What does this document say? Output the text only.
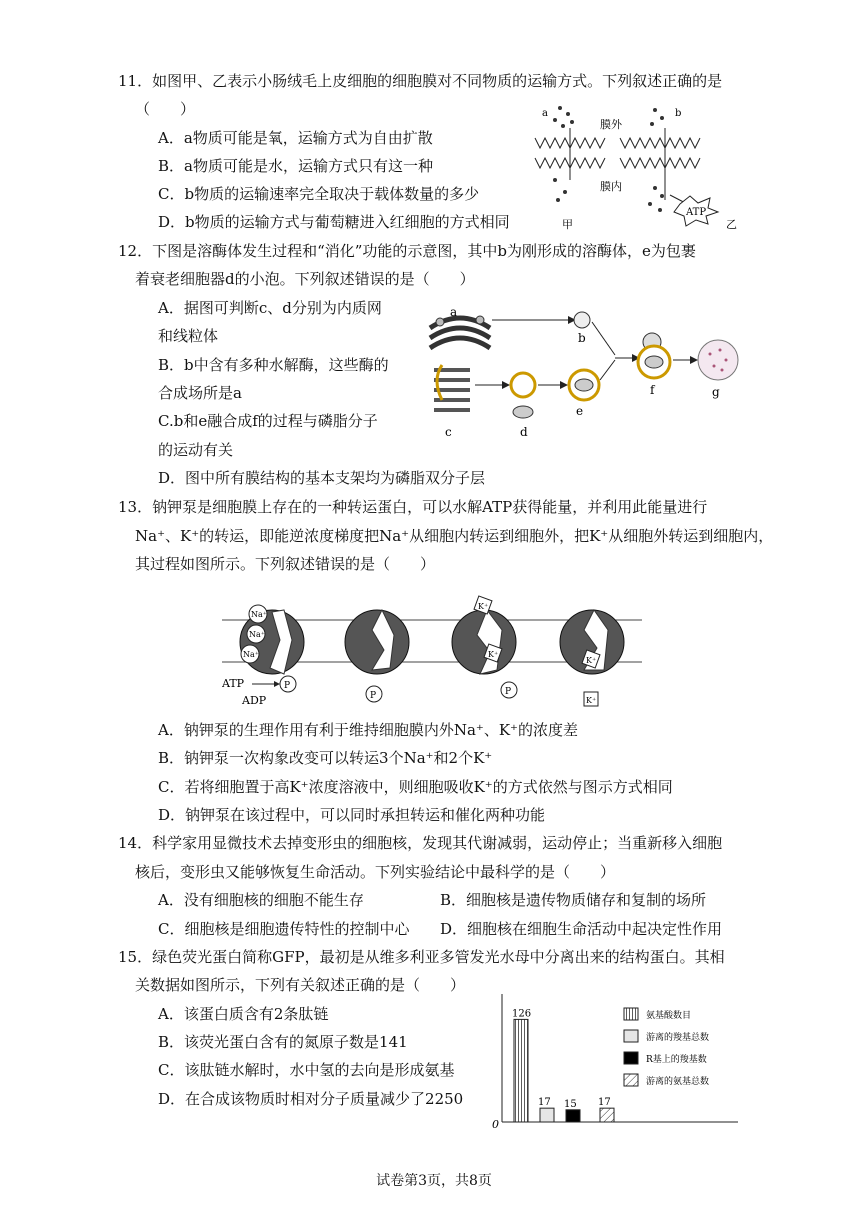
11．如图甲、乙表示小肠绒毛上皮细胞的细胞膜对不同物质的运输方式。下列叙述正确的是
（　　）
A．a物质可能是氧，运输方式为自由扩散
B．a物质可能是水，运输方式只有这一种
C．b物质的运输速率完全取决于载体数量的多少
D．b物质的运输方式与葡萄糖进入红细胞的方式相同
a	b
膜外
膜内
ATP
甲	乙
12．下图是溶酶体发生过程和“消化”功能的示意图，其中b为刚形成的溶酶体，e为包裹
着衰老细胞器d的小泡。下列叙述错误的是（　　）
A．据图可判断c、d分别为内质网
和线粒体
B．b中含有多种水解酶，这些酶的
合成场所是a
C.b和e融合成f的过程与磷脂分子
的运动有关
D．图中所有膜结构的基本支架均为磷脂双分子层
a
b
c	d
e
f	g
13．钠钾泵是细胞膜上存在的一种转运蛋白，可以水解ATP获得能量，并利用此能量进行
Na⁺、K⁺的转运，即能逆浓度梯度把Na⁺从细胞内转运到细胞外，把K⁺从细胞外转运到细胞内，
其过程如图所示。下列叙述错误的是（　　）
Na⁺
Na⁺
Na⁺
K⁺
K⁺
K⁺
K⁺
ATP
ADP
P
P	P
A．钠钾泵的生理作用有利于维持细胞膜内外Na⁺、K⁺的浓度差
B．钠钾泵一次构象改变可以转运3个Na⁺和2个K⁺
C．若将细胞置于高K⁺浓度溶液中，则细胞吸收K⁺的方式依然与图示方式相同
D．钠钾泵在该过程中，可以同时承担转运和催化两种功能
14．科学家用显微技术去掉变形虫的细胞核，发现其代谢减弱，运动停止；当重新移入细胞
核后，变形虫又能够恢复生命活动。下列实验结论中最科学的是（　　）
A．没有细胞核的细胞不能生存	B．细胞核是遗传物质储存和复制的场所
C．细胞核是细胞遗传特性的控制中心 D．细胞核在细胞生命活动中起决定性作用
15．绿色荧光蛋白简称GFP，最初是从维多利亚多管发光水母中分离出来的结构蛋白。其相
关数据如图所示，下列有关叙述正确的是（　　）
A．该蛋白质含有2条肽链
B．该荧光蛋白含有的氮原子数是141
C．该肽链水解时，水中氢的去向是形成氨基
D．在合成该物质时相对分子质量减少了2250
0
126
17 15 17
氨基酸数目
游离的羧基总数
R基上的羧基数
游离的氨基总数
试卷第3页，共8页
